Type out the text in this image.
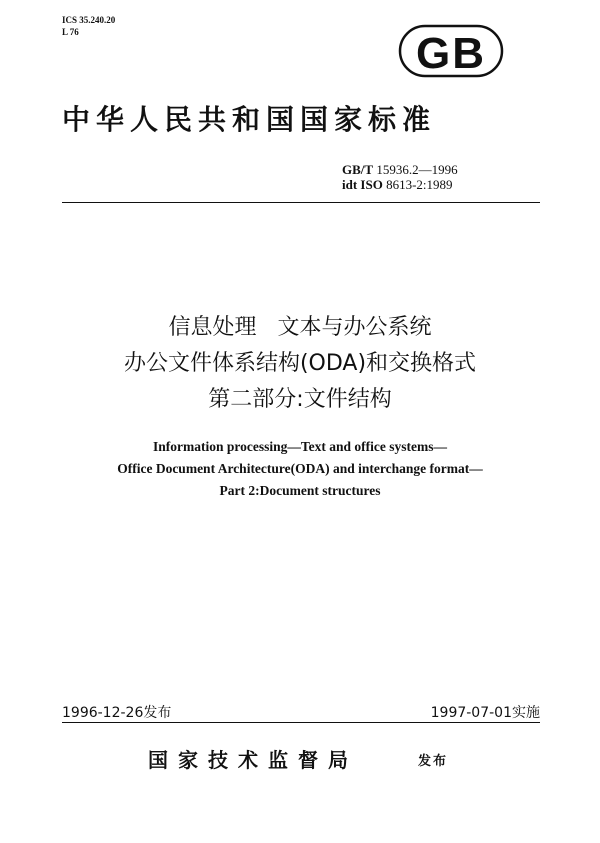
ICS 35.240.20
L 76	GB
中华人民共和国国家标准
GB/T 15936.2—1996
idt ISO 8613-2:1989
信息处理   文本与办公系统
办公文件体系结构(ODA)和交换格式
第二部分:文件结构
Information processing—Text and office systems—
Office Document Architecture(ODA) and interchange format—
Part 2:Document structures
1996-12-26发布	1997-07-01实施
国家技术监督局	发布
